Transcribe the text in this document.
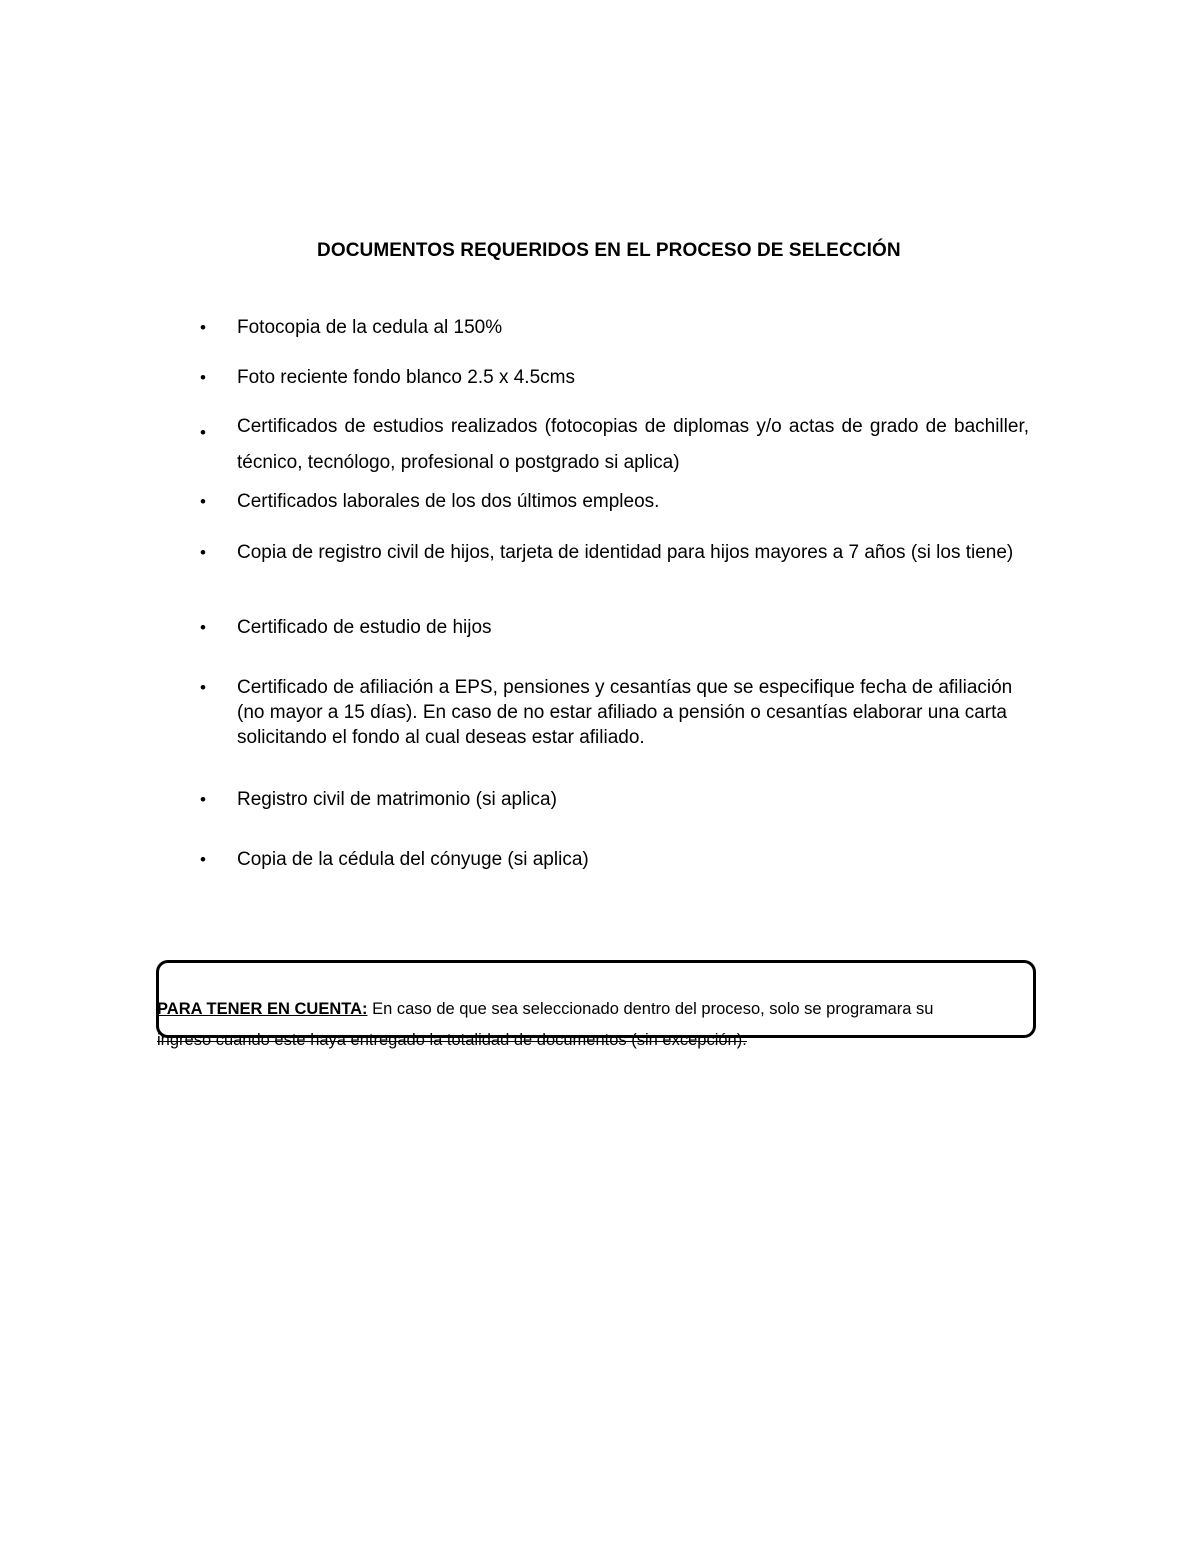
DOCUMENTOS REQUERIDOS EN EL PROCESO DE SELECCIÓN
• Fotocopia de la cedula al 150%
• Foto reciente fondo blanco 2.5 x 4.5cms
• Certificados de estudios realizados (fotocopias de diplomas y/o actas de grado de bachiller, técnico, tecnólogo, profesional o postgrado si aplica)
• Certificados laborales de los dos últimos empleos.
• Copia de registro civil de hijos, tarjeta de identidad para hijos mayores a 7 años (si los tiene)
• Certificado de estudio de hijos
• Certificado de afiliación a EPS, pensiones y cesantías que se especifique fecha de afiliación (no mayor a 15 días). En caso de no estar afiliado a pensión o cesantías elaborar una carta solicitando el fondo al cual deseas estar afiliado.
• Registro civil de matrimonio (si aplica)
• Copia de la cédula del cónyuge (si aplica)
PARA TENER EN CUENTA: En caso de que sea seleccionado dentro del proceso, solo se programara su
ingreso cuando este haya entregado la totalidad de documentos (sin excepción).
